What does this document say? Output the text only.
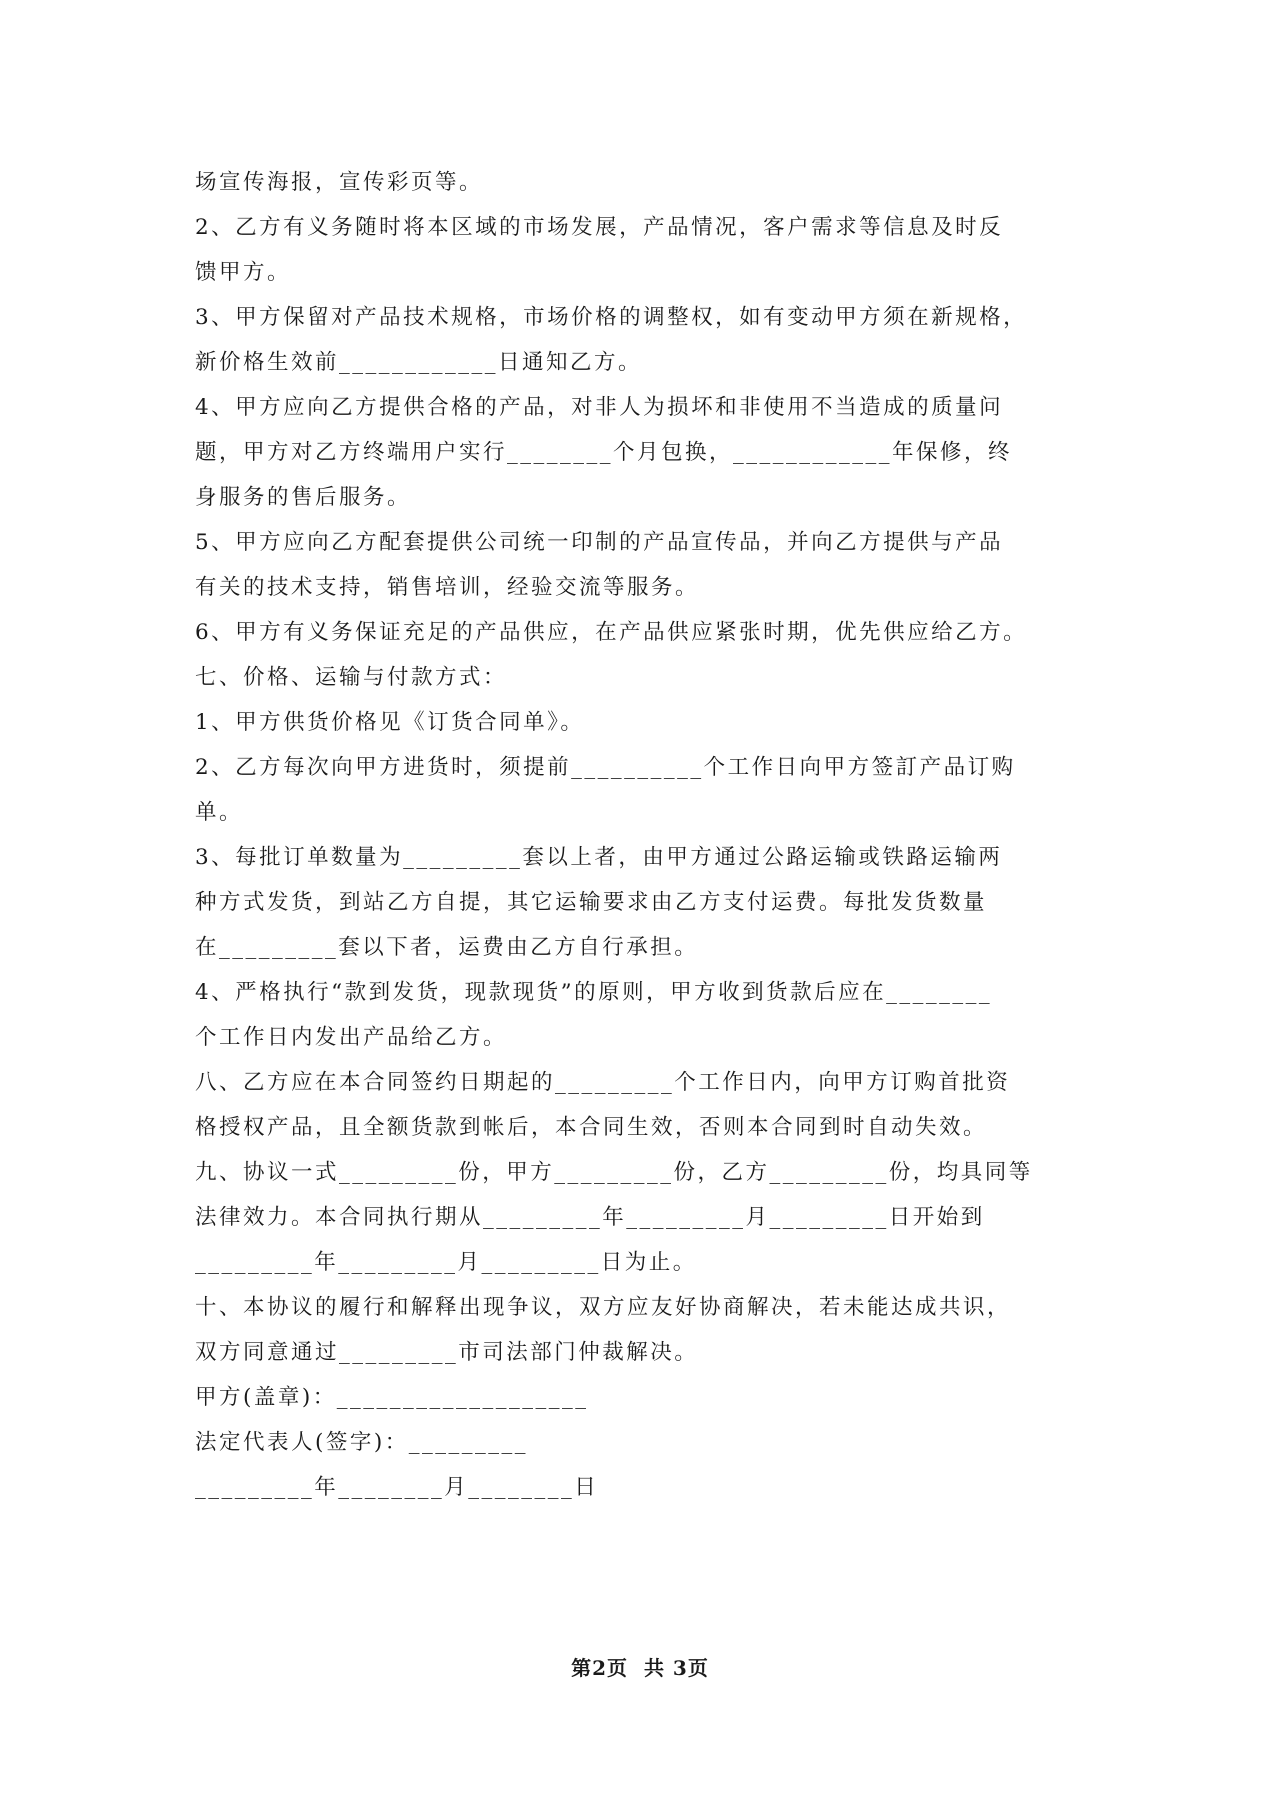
场宣传海报，宣传彩页等。

2、乙方有义务随时将本区域的市场发展，产品情况，客户需求等信息及时反

馈甲方。

3、甲方保留对产品技术规格，市场价格的调整权，如有变动甲方须在新规格，

新价格生效前____________日通知乙方。

4、甲方应向乙方提供合格的产品，对非人为损坏和非使用不当造成的质量问

题，甲方对乙方终端用户实行________个月包换，____________年保修，终

身服务的售后服务。

5、甲方应向乙方配套提供公司统一印制的产品宣传品，并向乙方提供与产品

有关的技术支持，销售培训，经验交流等服务。

6、甲方有义务保证充足的产品供应，在产品供应紧张时期，优先供应给乙方。

七、价格、运输与付款方式：

1、甲方供货价格见《订货合同单》。

2、乙方每次向甲方进货时，须提前__________个工作日向甲方签訂产品订购

单。

3、每批订单数量为_________套以上者，由甲方通过公路运输或铁路运输两

种方式发货，到站乙方自提，其它运输要求由乙方支付运费。每批发货数量

在_________套以下者，运费由乙方自行承担。

4、严格执行“款到发货，现款现货”的原则，甲方收到货款后应在________

个工作日内发出产品给乙方。

八、乙方应在本合同签约日期起的_________个工作日内，向甲方订购首批资

格授权产品，且全额货款到帐后，本合同生效，否则本合同到时自动失效。

九、协议一式_________份，甲方_________份，乙方_________份，均具同等

法律效力。本合同执行期从_________年_________月_________日开始到

_________年_________月_________日为止。

十、本协议的履行和解释出现争议，双方应友好协商解决，若未能达成共识，

双方同意通过_________市司法部门仲裁解决。

甲方(盖章)：___________________

法定代表人(签字)：_________

_________年________月________日

第2页  共 3页
